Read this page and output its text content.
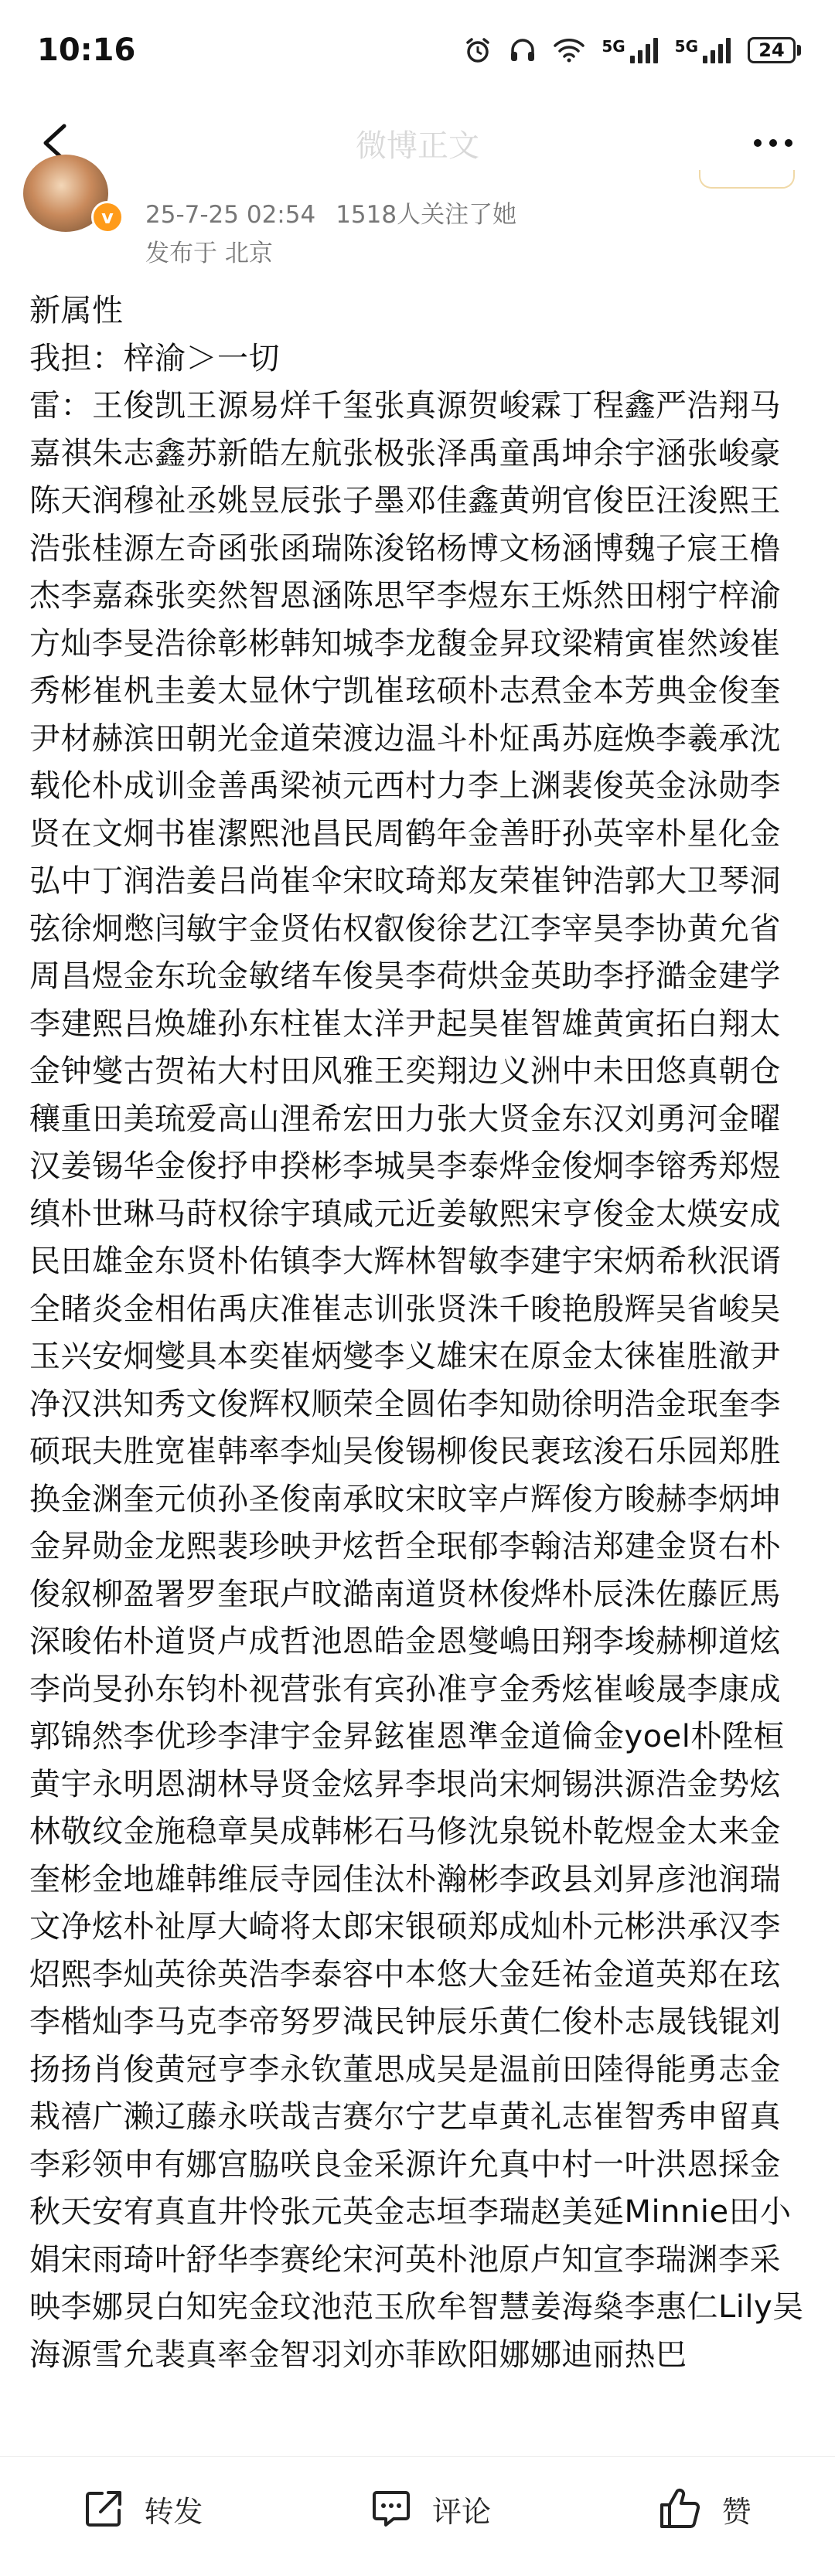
10:16	5G	5G	24
微博正文
v 25-7-25 02:54 1518人关注了她
发布于 北京

新属性

我担：梓渝＞一切

雷：王俊凯王源易烊千玺张真源贺峻霖丁程鑫严浩翔马嘉祺朱志鑫苏新皓左航张极张泽禹童禹坤余宇涵张峻豪陈天润穆祉丞姚昱辰张子墨邓佳鑫黄朔官俊臣汪浚熙王浩张桂源左奇函张函瑞陈浚铭杨博文杨涵博魏子宸王橹杰李嘉森张奕然智恩涵陈思罕李煜东王烁然田栩宁梓渝方灿李旻浩徐彰彬韩知城李龙馥金昇玟梁精寅崔然竣崔秀彬崔杋圭姜太显休宁凯崔玹硕朴志焄金本芳典金俊奎尹材赫滨田朝光金道荣渡边温斗朴炡禹苏庭焕李羲承沈载伦朴成训金善禹梁祯元西村力李上渊裴俊英金泳勋李贤在文炯书崔潔熙池昌民周鹤年金善盱孙英宰朴星化金弘中丁润浩姜吕尚崔伞宋旼琦郑友荣崔钟浩郭大卫琴洞弦徐炯憋闫敏宇金贤佑权叡俊徐艺江李宰昊李协黄允省周昌煜金东玧金敏绪车俊昊李荷烘金英助李抒澔金建学李建熙吕焕雄孙东柱崔太洋尹起昊崔智雄黄寅拓白翔太金钟燮古贺祐大村田风雅王奕翔边义洲中未田悠真朝仓穰重田美琉爱高山浬希宏田力张大贤金东汉刘勇河金曜汉姜锡华金俊抒申揆彬李城昊李泰烨金俊炯李镕秀郑煜缜朴世琳马莳权徐宇瑱咸元近姜敏熙宋亨俊金太煐安成民田雄金东贤朴佑镇李大辉林智敏李建宇宋炳希秋泯谞全睹炎金相佑禹庆准崔志训张贤洙千晙艳殷辉吴省峻吴玉兴安炯燮具本奕崔炳燮李义雄宋在原金太徕崔胜澈尹净汉洪知秀文俊辉权顺荣全圆佑李知勋徐明浩金珉奎李硕珉夫胜宽崔韩率李灿吴俊锡柳俊民裵玹浚石乐园郑胜换金渊奎元侦孙圣俊南承旼宋旼宰卢辉俊方晙赫李炳坤金昇勋金龙熙裴珍映尹炫哲全珉郁李翰洁郑建金贤右朴俊叙柳盈署罗奎珉卢旼澔南道贤林俊烨朴辰洙佐藤匠馬深晙佑朴道贤卢成哲池恩皓金恩燮嶋田翔李埈赫柳道炫李尚旻孙东钧朴视营张有宾孙准亨金秀炫崔峻晟李康成郭锦然李优珍李津宇金昇鉉崔恩準金道倫金yoel朴陞桓黄宇永明恩湖林导贤金炫昇李垠尚宋炯锡洪源浩金势炫林敬纹金施稳章昊成韩彬石马修沈泉锐朴乾煜金太来金奎彬金地雄韩维辰寺园佳汰朴瀚彬李政县刘昇彦池润瑞文净炫朴祉厚大崎将太郎宋银硕郑成灿朴元彬洪承汉李炤熙李灿英徐英浩李泰容中本悠大金廷祐金道英郑在玹李楷灿李马克李帝努罗渽民钟辰乐黄仁俊朴志晟钱锟刘扬扬肖俊黄冠亨李永钦董思成吴是温前田陸得能勇志金栽禧广濑辽藤永咲哉吉赛尔宁艺卓黄礼志崔智秀申留真李彩领申有娜宫脇咲良金采源许允真中村一叶洪恩採金秋天安宥真直井怜张元英金志垣李瑞赵美延Minnie田小娟宋雨琦叶舒华李赛纶宋河英朴池原卢知宣李瑞渊李采映李娜炅白知宪金玟池范玉欣牟智慧姜海燊李惠仁Lily吴海源雪允裴真率金智羽刘亦菲欧阳娜娜迪丽热巴

转发	评论	赞
